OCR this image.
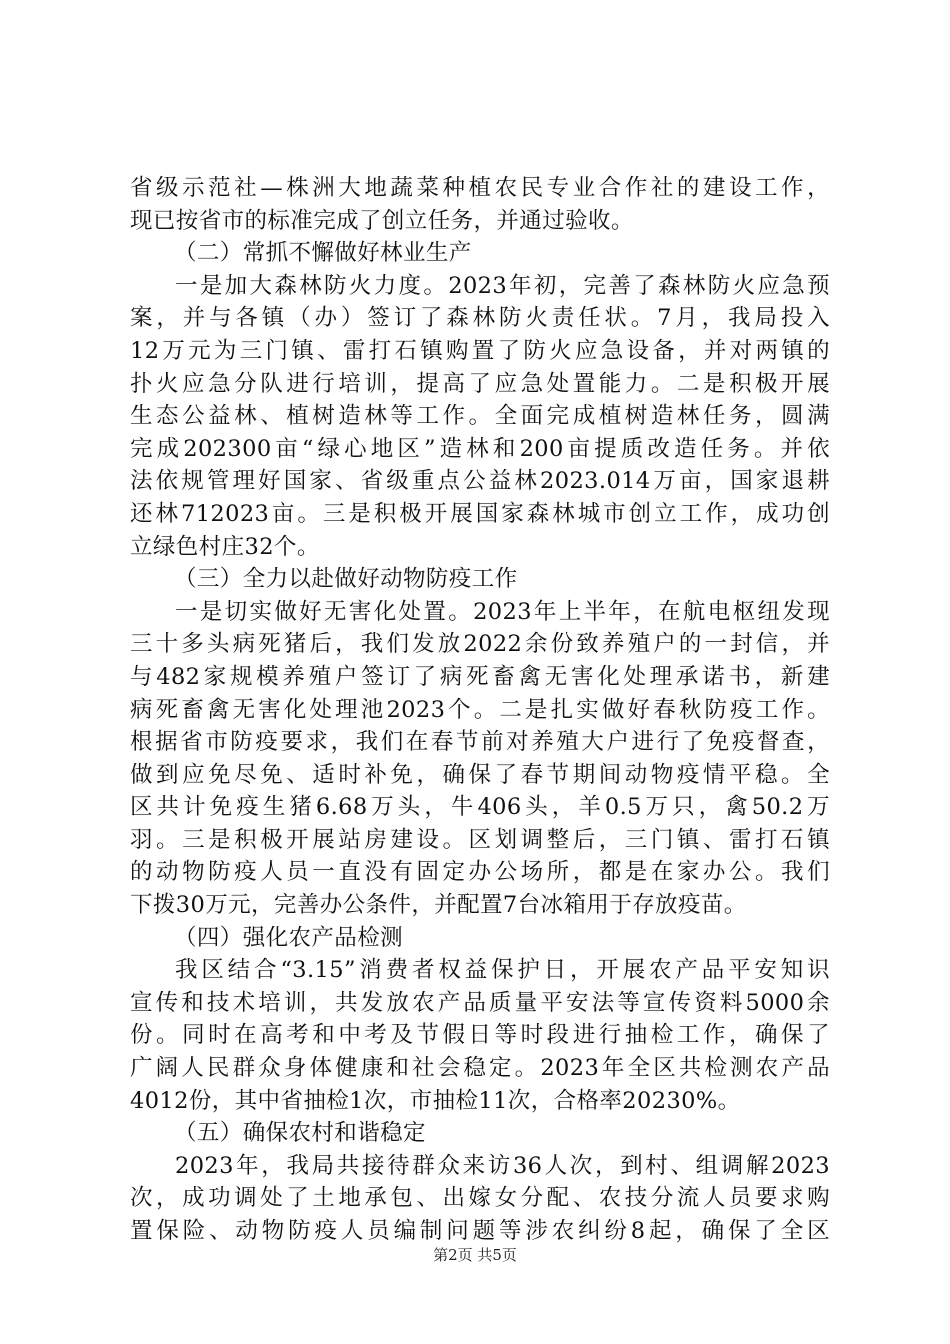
省级示范社—株洲大地蔬菜种植农民专业合作社的建设工作，
现已按省市的标准完成了创立任务，并通过验收。
（二）常抓不懈做好林业生产
一是加大森林防火力度。2023年初，完善了森林防火应急预
案，并与各镇（办）签订了森林防火责任状。7月，我局投入
12万元为三门镇、雷打石镇购置了防火应急设备，并对两镇的
扑火应急分队进行培训，提高了应急处置能力。二是积极开展
生态公益林、植树造林等工作。全面完成植树造林任务，圆满
完成202300亩“绿心地区”造林和200亩提质改造任务。并依
法依规管理好国家、省级重点公益林2023.014万亩，国家退耕
还林712023亩。三是积极开展国家森林城市创立工作，成功创
立绿色村庄32个。
（三）全力以赴做好动物防疫工作
一是切实做好无害化处置。2023年上半年，在航电枢纽发现
三十多头病死猪后，我们发放2022余份致养殖户的一封信，并
与482家规模养殖户签订了病死畜禽无害化处理承诺书，新建
病死畜禽无害化处理池2023个。二是扎实做好春秋防疫工作。
根据省市防疫要求，我们在春节前对养殖大户进行了免疫督查，
做到应免尽免、适时补免，确保了春节期间动物疫情平稳。全
区共计免疫生猪6.68万头，牛406头，羊0.5万只，禽50.2万
羽。三是积极开展站房建设。区划调整后，三门镇、雷打石镇
的动物防疫人员一直没有固定办公场所，都是在家办公。我们
下拨30万元，完善办公条件，并配置7台冰箱用于存放疫苗。
（四）强化农产品检测
我区结合“3.15”消费者权益保护日，开展农产品平安知识
宣传和技术培训，共发放农产品质量平安法等宣传资料5000余
份。同时在高考和中考及节假日等时段进行抽检工作，确保了
广阔人民群众身体健康和社会稳定。2023年全区共检测农产品
4012份，其中省抽检1次，市抽检11次，合格率20230%。
（五）确保农村和谐稳定
2023年，我局共接待群众来访36人次，到村、组调解2023
次，成功调处了土地承包、出嫁女分配、农技分流人员要求购
置保险、动物防疫人员编制问题等涉农纠纷8起，确保了全区
第2页 共5页
